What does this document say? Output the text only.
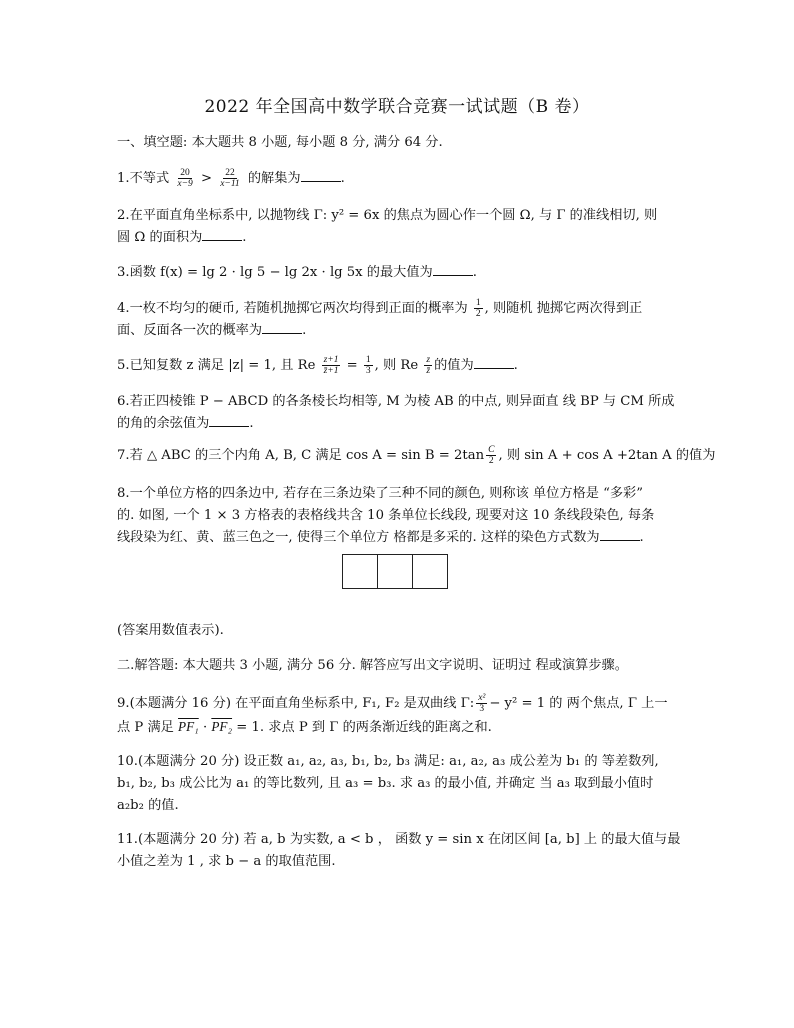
2022 年全国高中数学联合竞赛一试试题（B 卷）
一、填空题: 本大题共 8 小题, 每小题 8 分, 满分 64 分.
1.不等式 $\frac{20}{x-9} > \frac{22}{x-11}$ 的解集为	.
2.在平面直角坐标系中, 以抛物线 Γ: y² = 6x 的焦点为圆心作一个圆 Ω, 与 Γ 的准线相切, 则
圆 Ω 的面积为	.
3.函数 f(x) = lg 2 · lg 5 − lg 2x · lg 5x 的最大值为	.
4.一枚不均匀的硬币, 若随机抛掷它两次均得到正面的概率为 $\frac{1}{2}$ , 则随机 抛掷它两次得到正
面、反面各一次的概率为	.
5.已知复数 z 满足 |z| = 1, 且 Re $\frac{z+1}{z̄+1} = \frac{1}{3}$ , 则 Re $\frac{z}{z̄}$ 的值为	.
6.若正四棱锥 P − ABCD 的各条棱长均相等, M 为棱 AB 的中点, 则异面直 线 BP 与 CM 所成
的角的余弦值为	.
7.若 △ ABC 的三个内角 A, B, C 满足 $\cos A = \sin B = 2\tan \frac{C}{2}$ , 则 sin A + cos A +2tan A 的值为
8.一个单位方格的四条边中, 若存在三条边染了三种不同的颜色, 则称该 单位方格是 “多彩”
的. 如图, 一个 1 × 3 方格表的表格线共含 10 条单位长线段, 现要对这 10 条线段染色, 每条
线段染为红、黄、蓝三色之一, 使得三个单位方 格都是多采的. 这样的染色方式数为	.
(答案用数值表示).
二.解答题: 本大题共 3 小题, 满分 56 分. 解答应写出文字说明、证明过 程或演算步骤。
9.(本题满分 16 分) 在平面直角坐标系中, F₁, F₂ 是双曲线 Γ: $\frac{\text{x²}}{3} - y^2 = 1$ 的 两个焦点, Γ 上一
点 P 满足 PF₁ · PF₂ = 1. 求点 P 到 Γ 的两条渐近线的距离之和.
10.(本题满分 20 分) 设正数 a₁, a₂, a₃, b₁, b₂, b₃ 满足: a₁, a₂, a₃ 成公差为 b₁ 的 等差数列,
b₁, b₂, b₃ 成公比为 a₁ 的等比数列, 且 a₃ = b₃. 求 a₃ 的最小值, 并确定 当 a₃ 取到最小值时
a₂b₂ 的值.
11.(本题满分 20 分) 若 a, b 为实数, a < b ， 函数 y = sin x 在闭区间 [a, b] 上 的最大值与最
小值之差为 1 , 求 b − a 的取值范围.
